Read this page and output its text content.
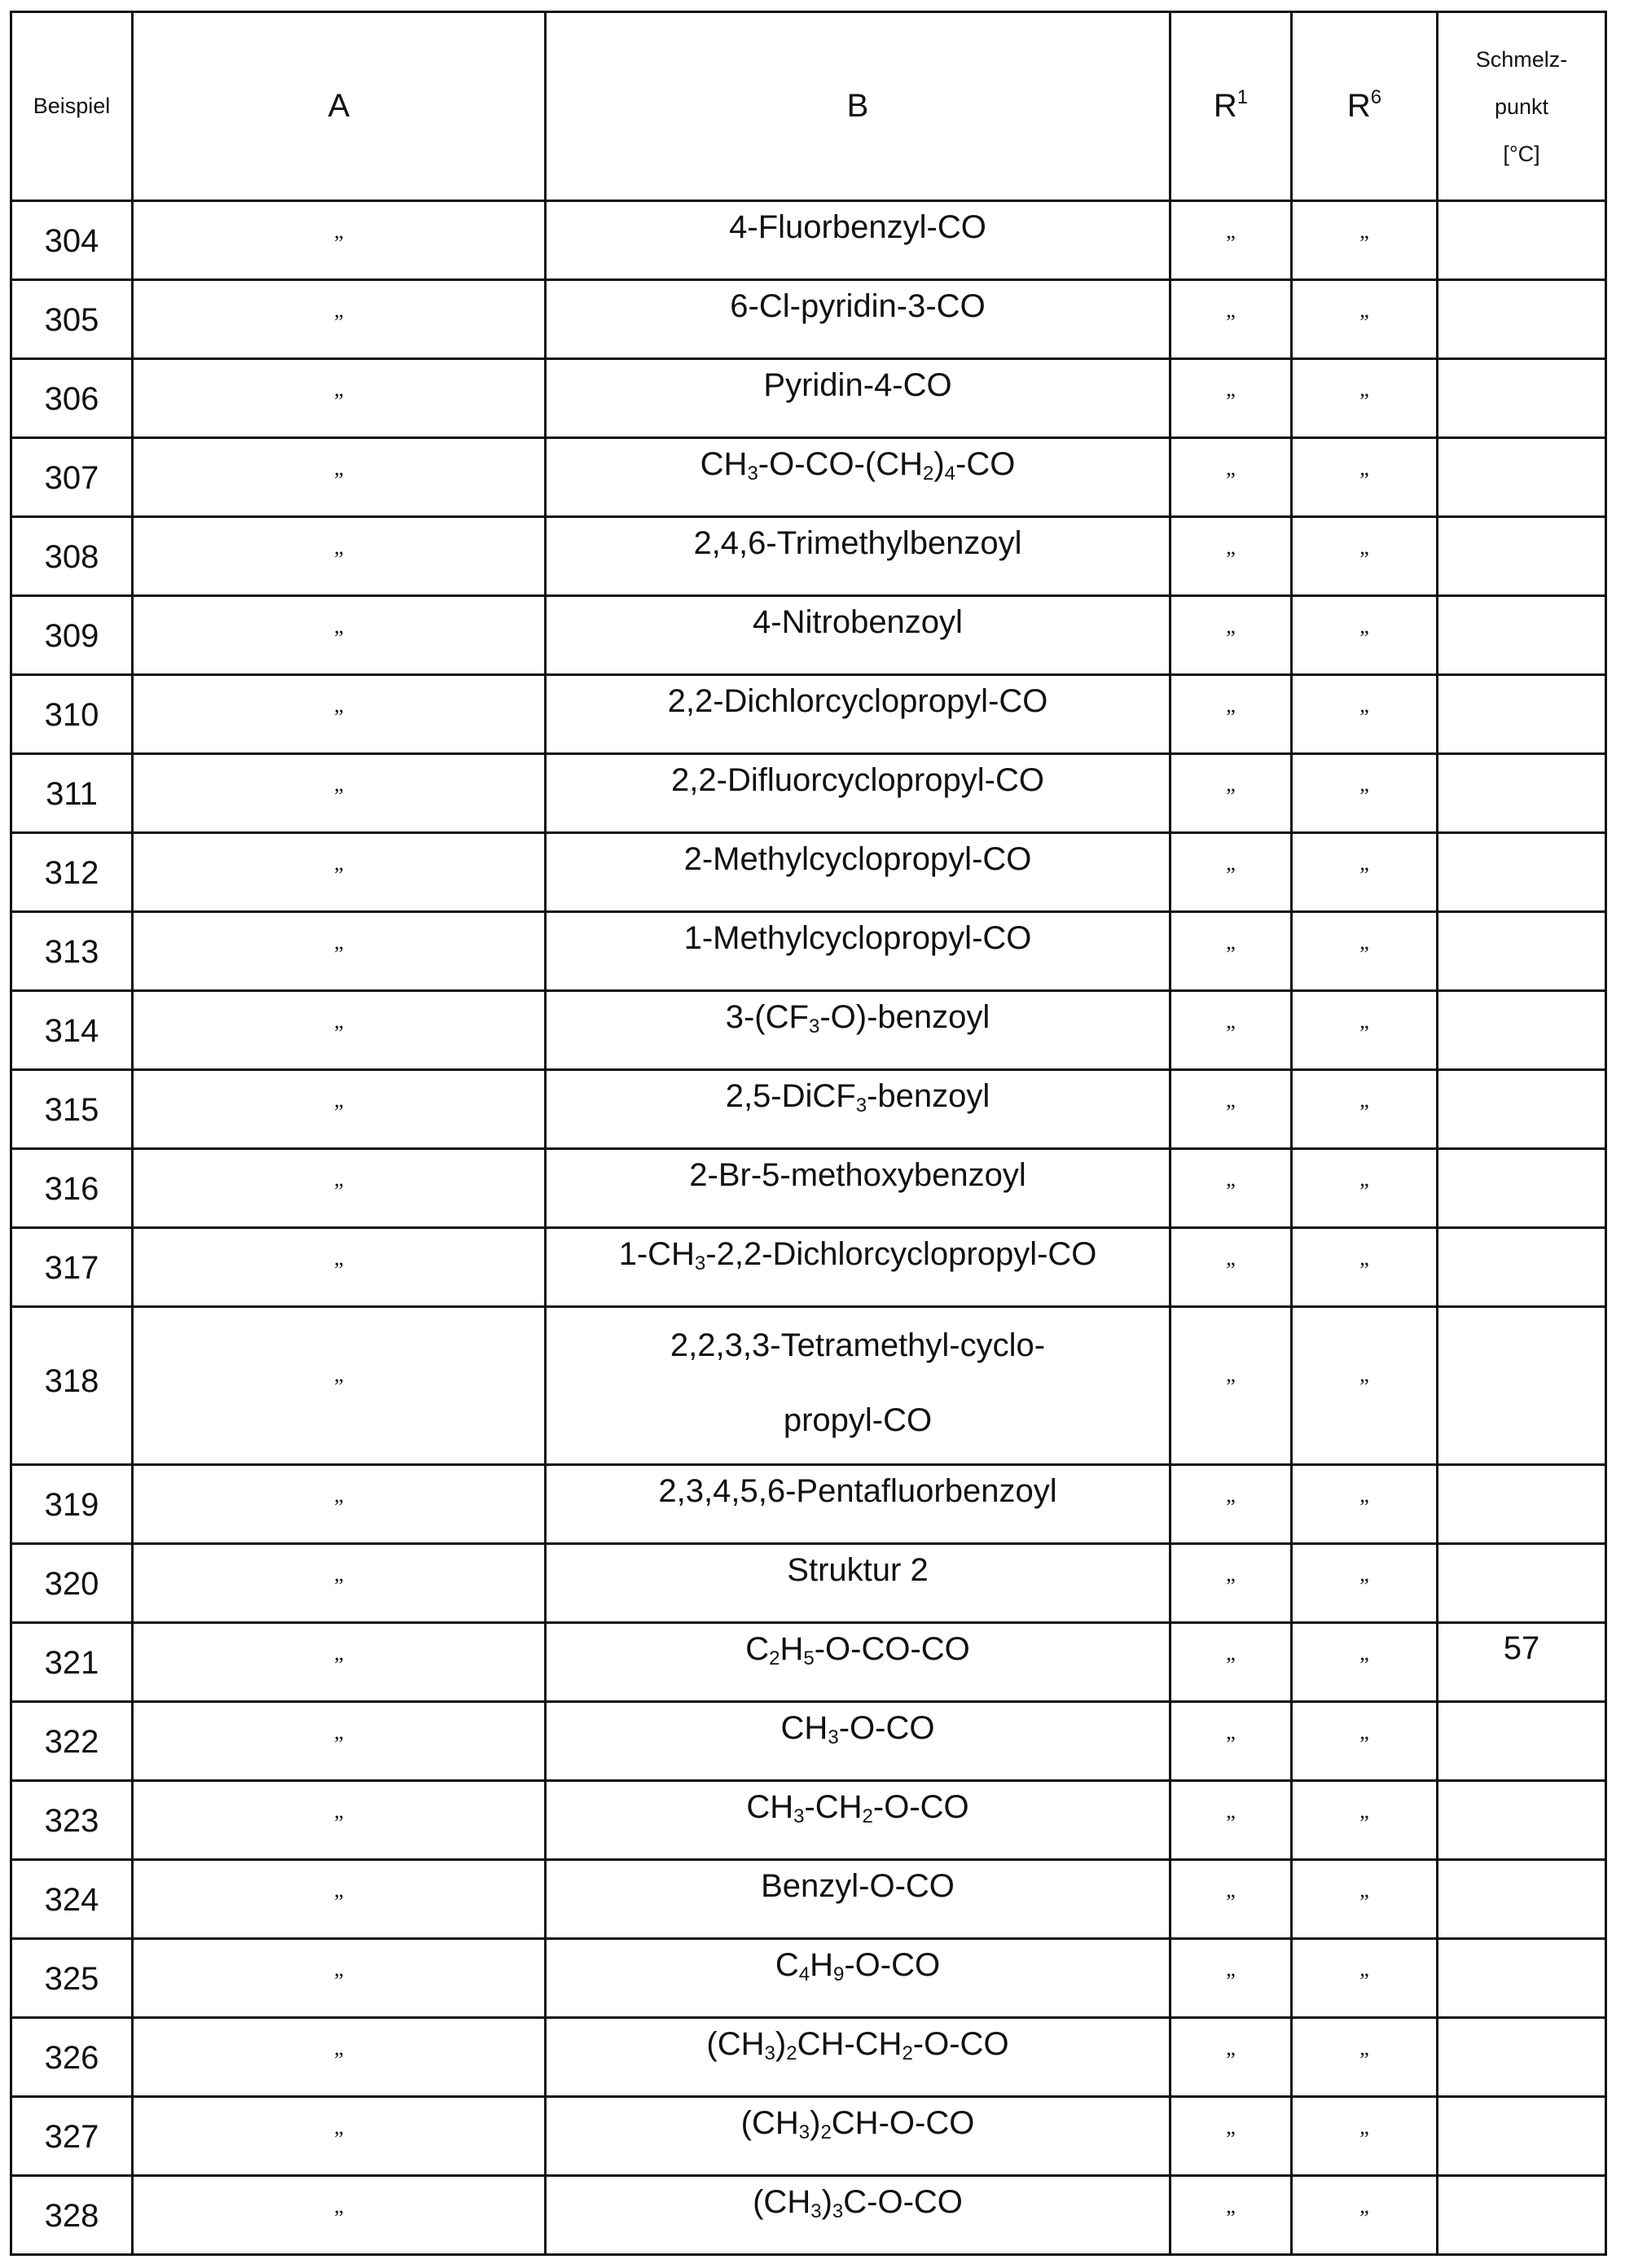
Beispiel	A	B	$R^1$	$R^6$	Schmelz-
punkt
[°C]

304	”	4-Fluorbenzyl-CO	”	”	

305	”	6-Cl-pyridin-3-CO	”	”	

306	”	Pyridin-4-CO	”	”	

307	”	$CH_3-O-CO-(CH_2)_4-CO$	”	”	

308	”	2,4,6-Trimethylbenzoyl	”	”	

309	”	4-Nitrobenzoyl	”	”	

310	”	2,2-Dichlorcyclopropyl-CO	”	”	

311	”	2,2-Difluorcyclopropyl-CO	”	”	

312	”	2-Methylcyclopropyl-CO	”	”	

313	”	1-Methylcyclopropyl-CO	”	”	

314	”	$3-(CF_3-O)$-benzoyl	”	”	

315	”	2,5-DiCF$_3$-benzoyl	”	”	

316	”	2-Br-5-methoxybenzoyl	”	”	

317	”	$1-CH_3-2,2-Dichlorcyclopropyl-CO$	”	”	

318	”	2,2,3,3-Tetramethyl-cyclo-
propyl-CO	”	”	

319	”	2,3,4,5,6-Pentafluorbenzoyl	”	”	

320	”	Struktur 2	”	”	

321	”	$C_2H_5-O-CO-CO$	”	”	57

322	”	$CH_3-O-CO$	”	”	

323	”	$CH_3-CH_2-O-CO$	”	”	

324	”	Benzyl-O-CO	”	”	

325	”	$C_4H_9-O-CO$	”	”	

326	”	$(CH_3)_2CH-CH_2-O-CO$	”	”	

327	”	$(CH_3)_2CH-O-CO$	”	”	

328	”	$(CH_3)_3C-O-CO$	”	”	
